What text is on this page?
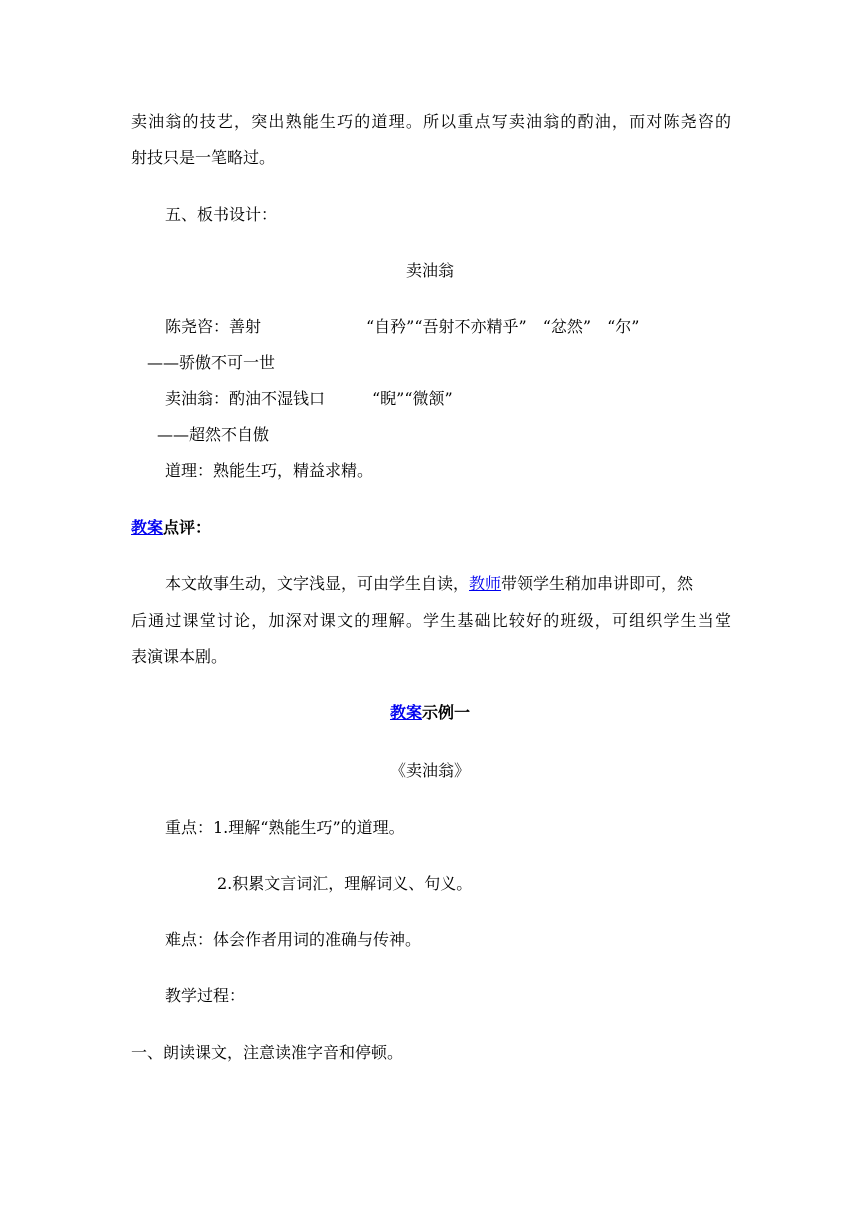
卖油翁的技艺，突出熟能生巧的道理。所以重点写卖油翁的酌油，而对陈尧咨的
射技只是一笔略过。
五、板书设计：
卖油翁
陈尧咨：善射	“自矜”“吾射不亦精乎”　“忿然”　“尔”
——骄傲不可一世
卖油翁：酌油不湿钱口	“睨”“微颔”
——超然不自傲
道理：熟能生巧，精益求精。
教案点评：
本文故事生动，文字浅显，可由学生自读，教师带领学生稍加串讲即可，然
后通过课堂讨论，加深对课文的理解。学生基础比较好的班级，可组织学生当堂
表演课本剧。
教案示例一
《卖油翁》
重点：1.理解“熟能生巧”的道理。
2.积累文言词汇，理解词义、句义。
难点：体会作者用词的准确与传神。
教学过程：
一、朗读课文，注意读准字音和停顿。
